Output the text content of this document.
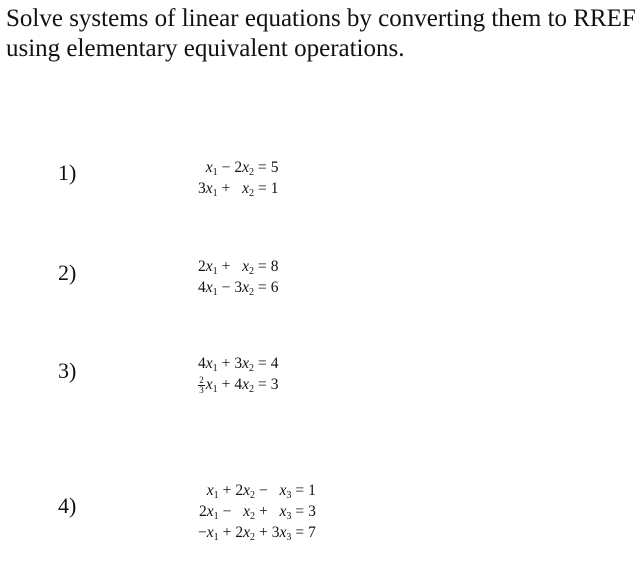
Solve systems of linear equations by converting them to RREF using elementary equivalent operations.
1)	$x_1$	−	$2x_2$	=	5
$3x_1$	+	$x_2$	=	1
2)	$2x_1$	+	$x_2$	=	8
$4x_1$	−	$3x_2$	=	6
3)	$4x_1$	+	$3x_2$	=	4

$\frac{2}{3} x_1$	+	$4x_2$	=	3
4)
$x_1$	+	$2x_2$	−	$x_3$	=	1
$2x_1$	−	$x_2$	+	$x_3$	=	3
$-x_1$	+	$2x_2$	+	$3x_3$	=	7
